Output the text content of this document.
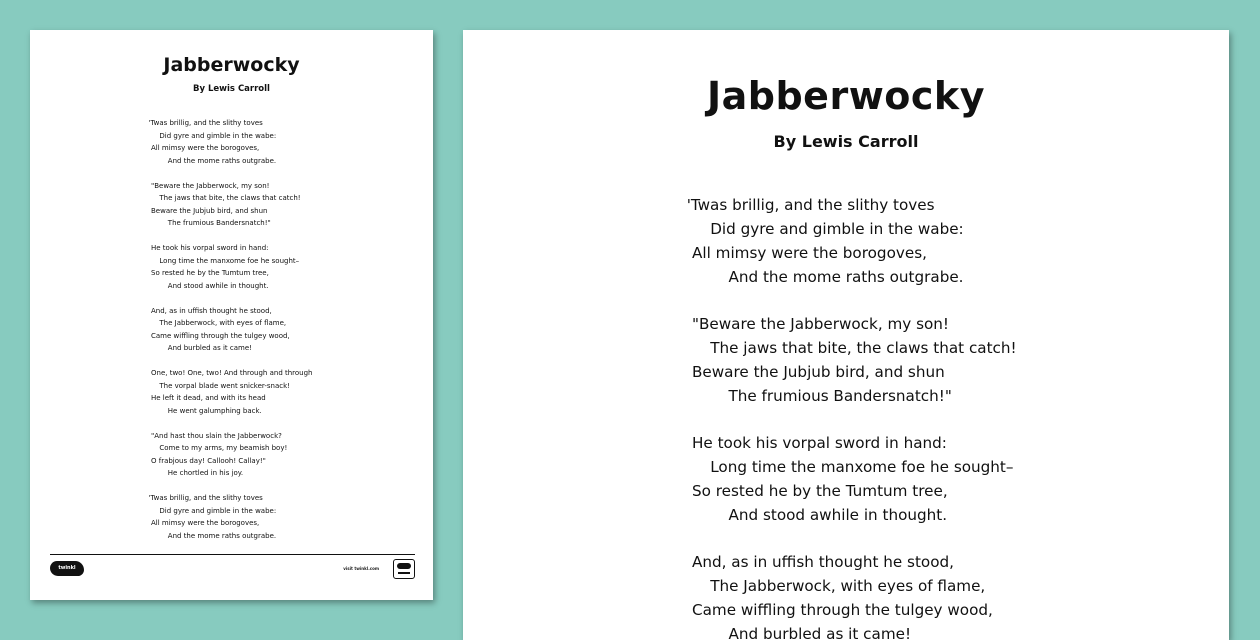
Jabberwocky
By Lewis Carroll
'Twas brillig, and the slithy toves
Did gyre and gimble in the wabe:
All mimsy were the borogoves,
And the mome raths outgrabe.
"Beware the Jabberwock, my son!
The jaws that bite, the claws that catch!
Beware the Jubjub bird, and shun
The frumious Bandersnatch!"
He took his vorpal sword in hand:
Long time the manxome foe he sought–
So rested he by the Tumtum tree,
And stood awhile in thought.
And, as in uffish thought he stood,
The Jabberwock, with eyes of flame,
Came wiffling through the tulgey wood,
And burbled as it came!
One, two! One, two! And through and through
The vorpal blade went snicker-snack!
He left it dead, and with its head
He went galumphing back.
"And hast thou slain the Jabberwock?
Come to my arms, my beamish boy!
O frabjous day! Callooh! Callay!"
He chortled in his joy.
'Twas brillig, and the slithy toves
Did gyre and gimble in the wabe:
All mimsy were the borogoves,
And the mome raths outgrabe.
twinkl	visit twinkl.com
Jabberwocky
By Lewis Carroll
'Twas brillig, and the slithy toves
Did gyre and gimble in the wabe:
All mimsy were the borogoves,
And the mome raths outgrabe.
"Beware the Jabberwock, my son!
The jaws that bite, the claws that catch!
Beware the Jubjub bird, and shun
The frumious Bandersnatch!"
He took his vorpal sword in hand:
Long time the manxome foe he sought–
So rested he by the Tumtum tree,
And stood awhile in thought.
And, as in uffish thought he stood,
The Jabberwock, with eyes of flame,
Came wiffling through the tulgey wood,
And burbled as it came!
